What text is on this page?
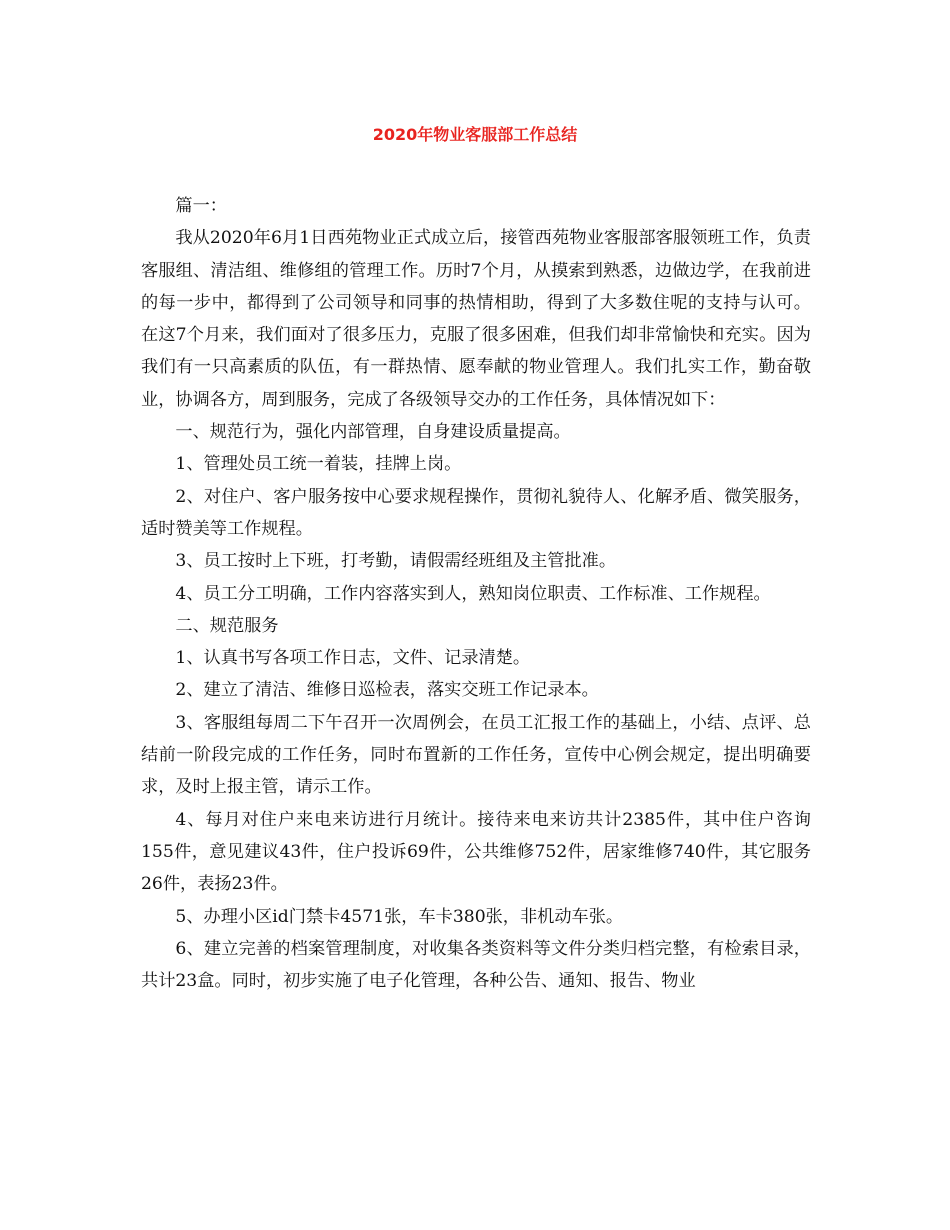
2020年物业客服部工作总结

篇一：

我从2020年6月1日西苑物业正式成立后，接管西苑物业客服部客服领班工作，负责客服组、清洁组、维修组的管理工作。历时7个月，从摸索到熟悉，边做边学，在我前进的每一步中，都得到了公司领导和同事的热情相助，得到了大多数住呢的支持与认可。在这7个月来，我们面对了很多压力，克服了很多困难，但我们却非常愉快和充实。因为我们有一只高素质的队伍，有一群热情、愿奉献的物业管理人。我们扎实工作，勤奋敬业，协调各方，周到服务，完成了各级领导交办的工作任务，具体情况如下：

一、规范行为，强化内部管理，自身建设质量提高。

1、管理处员工统一着装，挂牌上岗。

2、对住户、客户服务按中心要求规程操作，贯彻礼貌待人、化解矛盾、微笑服务，适时赞美等工作规程。

3、员工按时上下班，打考勤，请假需经班组及主管批准。

4、员工分工明确，工作内容落实到人，熟知岗位职责、工作标准、工作规程。

二、规范服务

1、认真书写各项工作日志，文件、记录清楚。

2、建立了清洁、维修日巡检表，落实交班工作记录本。

3、客服组每周二下午召开一次周例会，在员工汇报工作的基础上，小结、点评、总结前一阶段完成的工作任务，同时布置新的工作任务，宣传中心例会规定，提出明确要求，及时上报主管，请示工作。

4、每月对住户来电来访进行月统计。接待来电来访共计2385件，其中住户咨询155件，意见建议43件，住户投诉69件，公共维修752件，居家维修740件，其它服务26件，表扬23件。

5、办理小区id门禁卡4571张，车卡380张，非机动车张。

6、建立完善的档案管理制度，对收集各类资料等文件分类归档完整，有检索目录，共计23盒。同时，初步实施了电子化管理，各种公告、通知、报告、物业
